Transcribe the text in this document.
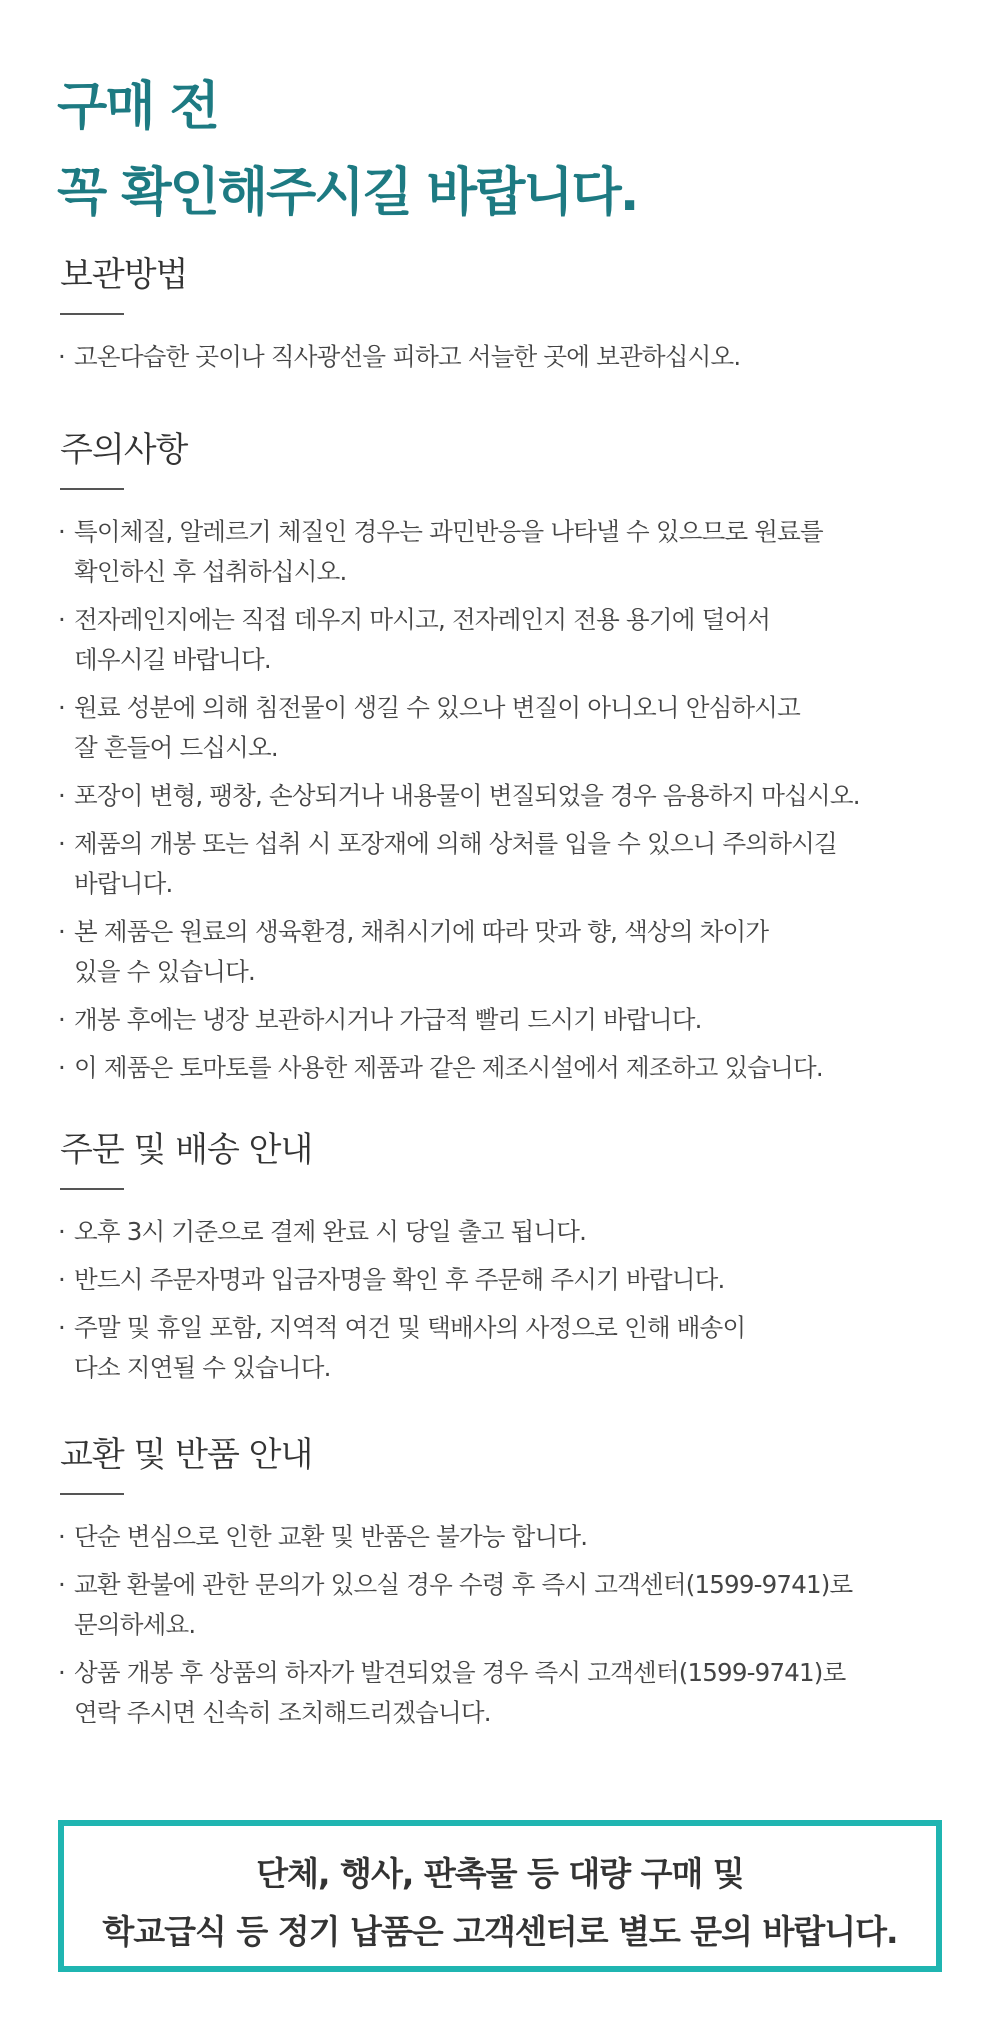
구매 전
꼭 확인해주시길 바랍니다.
보관방법
· 고온다습한 곳이나 직사광선을 피하고 서늘한 곳에 보관하십시오.
주의사항
· 특이체질, 알레르기 체질인 경우는 과민반응을 나타낼 수 있으므로 원료를
확인하신 후 섭취하십시오.
· 전자레인지에는 직접 데우지 마시고, 전자레인지 전용 용기에 덜어서
데우시길 바랍니다.
· 원료 성분에 의해 침전물이 생길 수 있으나 변질이 아니오니 안심하시고
잘 흔들어 드십시오.
· 포장이 변형, 팽창, 손상되거나 내용물이 변질되었을 경우 음용하지 마십시오.
· 제품의 개봉 또는 섭취 시 포장재에 의해 상처를 입을 수 있으니 주의하시길
바랍니다.
· 본 제품은 원료의 생육환경, 채취시기에 따라 맛과 향, 색상의 차이가
있을 수 있습니다.
· 개봉 후에는 냉장 보관하시거나 가급적 빨리 드시기 바랍니다.
· 이 제품은 토마토를 사용한 제품과 같은 제조시설에서 제조하고 있습니다.
주문 및 배송 안내
· 오후 3시 기준으로 결제 완료 시 당일 출고 됩니다.
· 반드시 주문자명과 입금자명을 확인 후 주문해 주시기 바랍니다.
· 주말 및 휴일 포함, 지역적 여건 및 택배사의 사정으로 인해 배송이
다소 지연될 수 있습니다.
교환 및 반품 안내
· 단순 변심으로 인한 교환 및 반품은 불가능 합니다.
· 교환 환불에 관한 문의가 있으실 경우 수령 후 즉시 고객센터(1599-9741)로
문의하세요.
· 상품 개봉 후 상품의 하자가 발견되었을 경우 즉시 고객센터(1599-9741)로
연락 주시면 신속히 조치해드리겠습니다.
단체, 행사, 판촉물 등 대량 구매 및
학교급식 등 정기 납품은 고객센터로 별도 문의 바랍니다.
